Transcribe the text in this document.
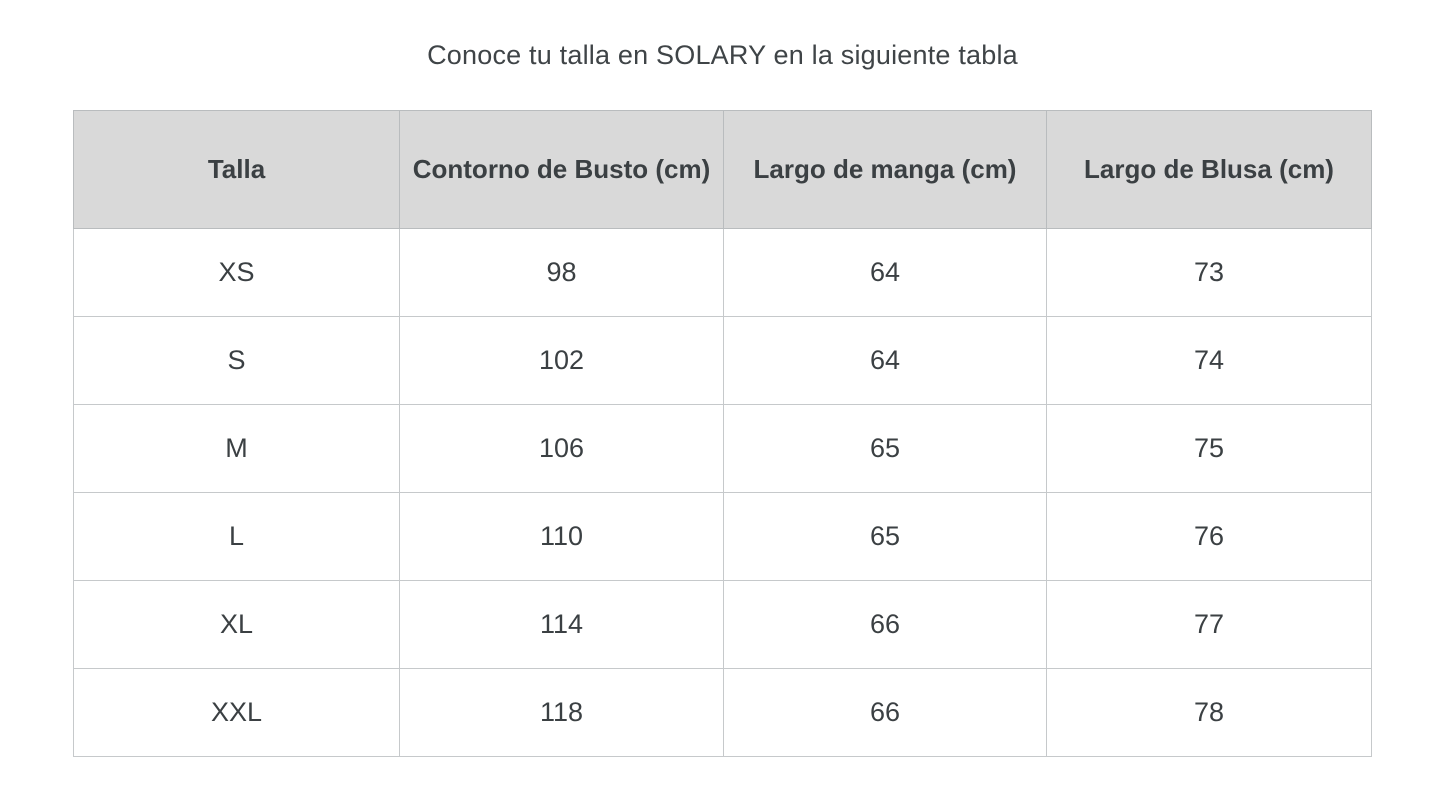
Conoce tu talla en SOLARY en la siguiente tabla
Talla	Contorno de Busto (cm)	Largo de manga (cm)	Largo de Blusa (cm)
XS	98	64	73
S	102	64	74
M	106	65	75
L	110	65	76
XL	114	66	77
XXL	118	66	78
